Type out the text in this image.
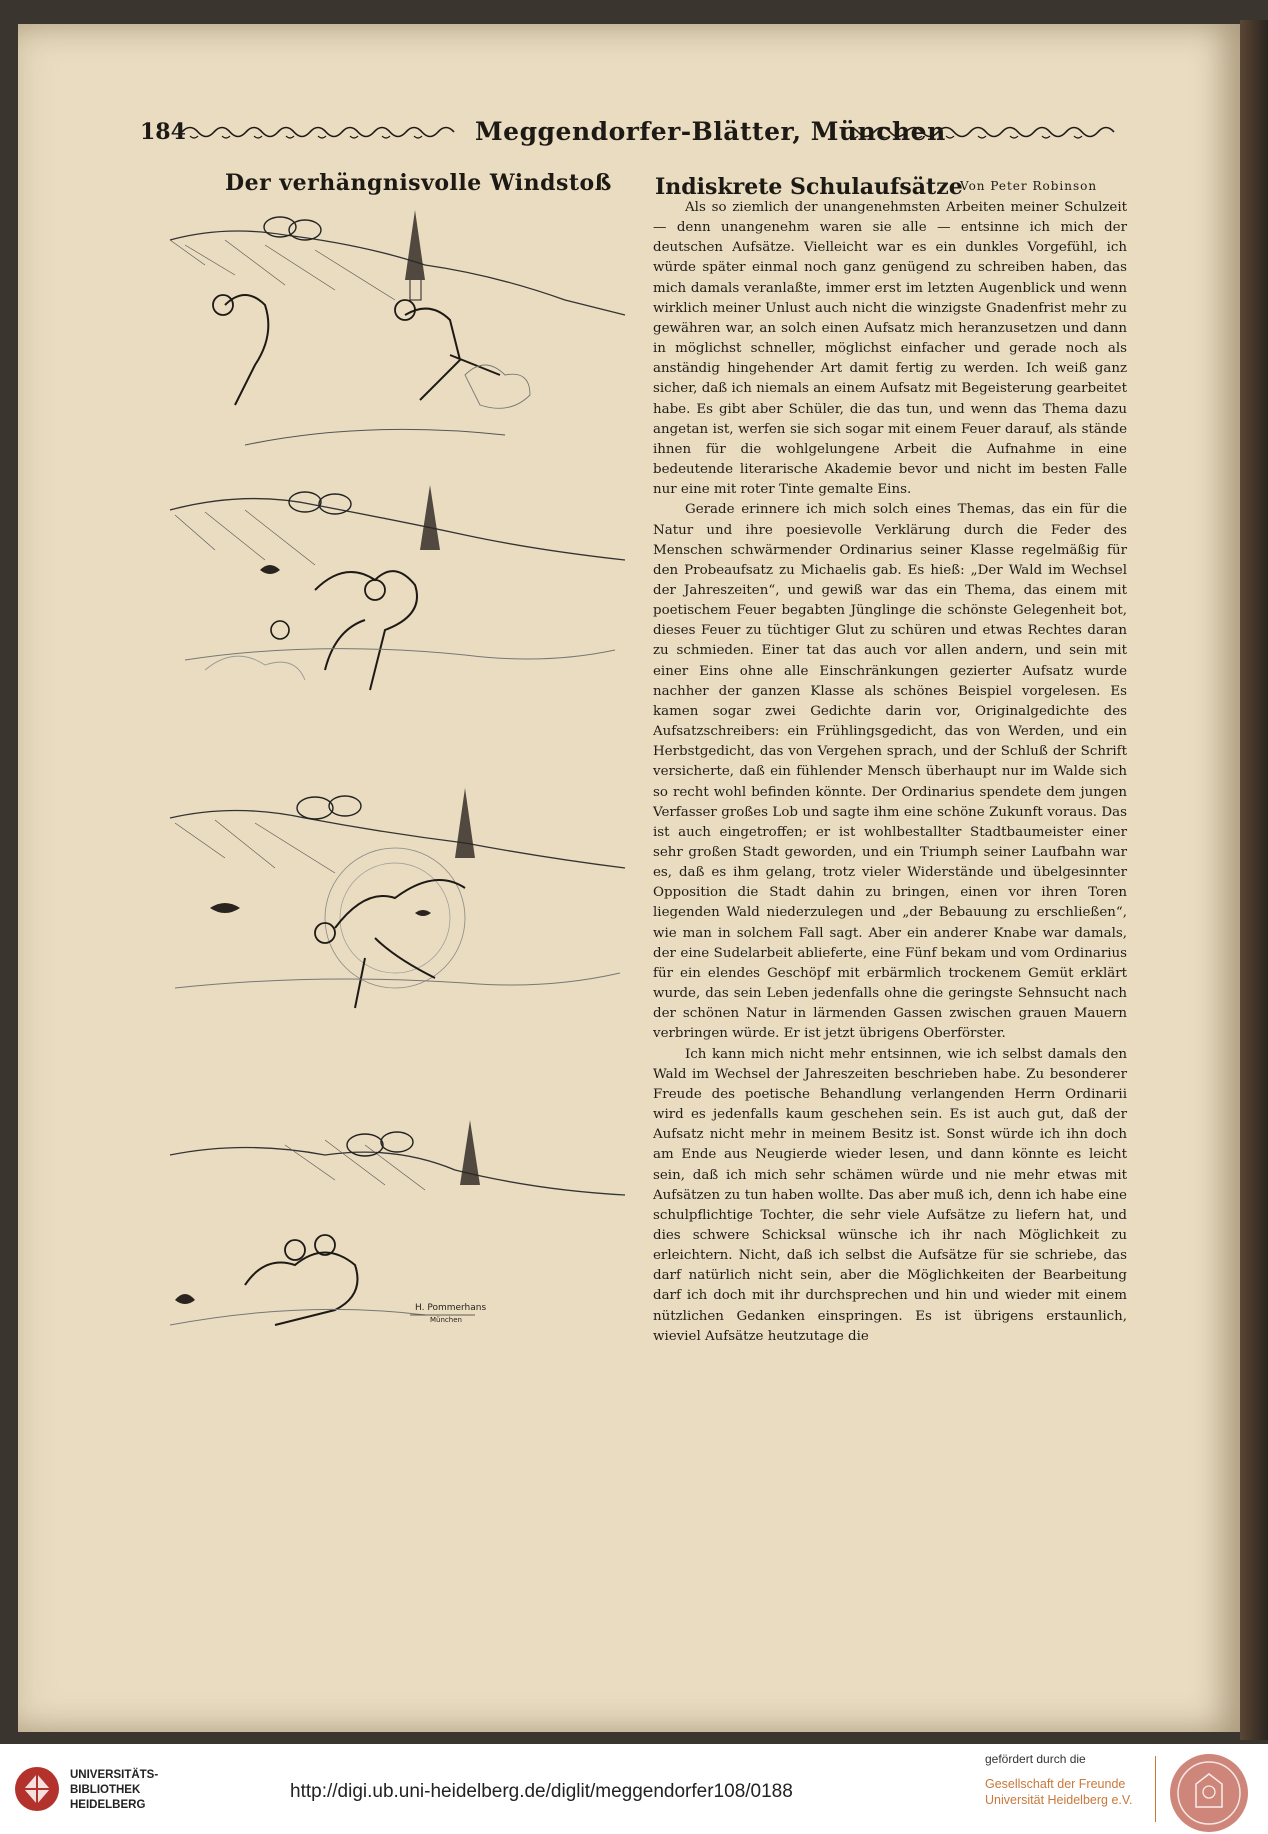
184	Meggendorfer-Blätter, München
Der verhängnisvolle Windstoß
H. Pommerhans
München
Indiskrete Schulaufsätze
Von Peter Robinson

Als so ziemlich der unangenehmsten Arbeiten meiner Schulzeit — denn unangenehm waren sie alle — entsinne ich mich der deutschen Aufsätze. Vielleicht war es ein dunkles Vorgefühl, ich würde später einmal noch ganz genügend zu schreiben haben, das mich damals veranlaßte, immer erst im letzten Augenblick und wenn wirklich meiner Unlust auch nicht die winzigste Gnadenfrist mehr zu gewähren war, an solch einen Aufsatz mich heranzusetzen und dann in möglichst schneller, möglichst einfacher und gerade noch als anständig hingehender Art damit fertig zu werden. Ich weiß ganz sicher, daß ich niemals an einem Aufsatz mit Begeisterung gearbeitet habe. Es gibt aber Schüler, die das tun, und wenn das Thema dazu angetan ist, werfen sie sich sogar mit einem Feuer darauf, als stände ihnen für die wohlgelungene Arbeit die Aufnahme in eine bedeutende literarische Akademie bevor und nicht im besten Falle nur eine mit roter Tinte gemalte Eins.

Gerade erinnere ich mich solch eines Themas, das ein für die Natur und ihre poesievolle Verklärung durch die Feder des Menschen schwärmender Ordinarius seiner Klasse regelmäßig für den Probeaufsatz zu Michaelis gab. Es hieß: „Der Wald im Wechsel der Jahreszeiten“, und gewiß war das ein Thema, das einem mit poetischem Feuer begabten Jünglinge die schönste Gelegenheit bot, dieses Feuer zu tüchtiger Glut zu schüren und etwas Rechtes daran zu schmieden. Einer tat das auch vor allen andern, und sein mit einer Eins ohne alle Einschränkungen gezierter Aufsatz wurde nachher der ganzen Klasse als schönes Beispiel vorgelesen. Es kamen sogar zwei Gedichte darin vor, Originalgedichte des Aufsatzschreibers: ein Frühlingsgedicht, das von Werden, und ein Herbstgedicht, das von Vergehen sprach, und der Schluß der Schrift versicherte, daß ein fühlender Mensch überhaupt nur im Walde sich so recht wohl befinden könnte. Der Ordinarius spendete dem jungen Verfasser großes Lob und sagte ihm eine schöne Zukunft voraus. Das ist auch eingetroffen; er ist wohlbestallter Stadtbaumeister einer sehr großen Stadt geworden, und ein Triumph seiner Laufbahn war es, daß es ihm gelang, trotz vieler Widerstände und übelgesinnter Opposition die Stadt dahin zu bringen, einen vor ihren Toren liegenden Wald niederzulegen und „der Bebauung zu erschließen“, wie man in solchem Fall sagt. Aber ein anderer Knabe war damals, der eine Sudelarbeit ablieferte, eine Fünf bekam und vom Ordinarius für ein elendes Geschöpf mit erbärmlich trockenem Gemüt erklärt wurde, das sein Leben jedenfalls ohne die geringste Sehnsucht nach der schönen Natur in lärmenden Gassen zwischen grauen Mauern verbringen würde. Er ist jetzt übrigens Oberförster.

Ich kann mich nicht mehr entsinnen, wie ich selbst damals den Wald im Wechsel der Jahreszeiten beschrieben habe. Zu besonderer Freude des poetische Behandlung verlangenden Herrn Ordinarii wird es jedenfalls kaum geschehen sein. Es ist auch gut, daß der Aufsatz nicht mehr in meinem Besitz ist. Sonst würde ich ihn doch am Ende aus Neugierde wieder lesen, und dann könnte es leicht sein, daß ich mich sehr schämen würde und nie mehr etwas mit Aufsätzen zu tun haben wollte. Das aber muß ich, denn ich habe eine schulpflichtige Tochter, die sehr viele Aufsätze zu liefern hat, und dies schwere Schicksal wünsche ich ihr nach Möglichkeit zu erleichtern. Nicht, daß ich selbst die Aufsätze für sie schriebe, das darf natürlich nicht sein, aber die Möglichkeiten der Bearbeitung darf ich doch mit ihr durchsprechen und hin und wieder mit einem nützlichen Gedanken einspringen. Es ist übrigens erstaunlich, wieviel Aufsätze heutzutage die

UNIVERSITÄTS-
BIBLIOTHEK
HEIDELBERG
http://digi.ub.uni-heidelberg.de/diglit/meggendorfer108/0188
gefördert durch die
Gesellschaft der Freunde
Universität Heidelberg e.V.
